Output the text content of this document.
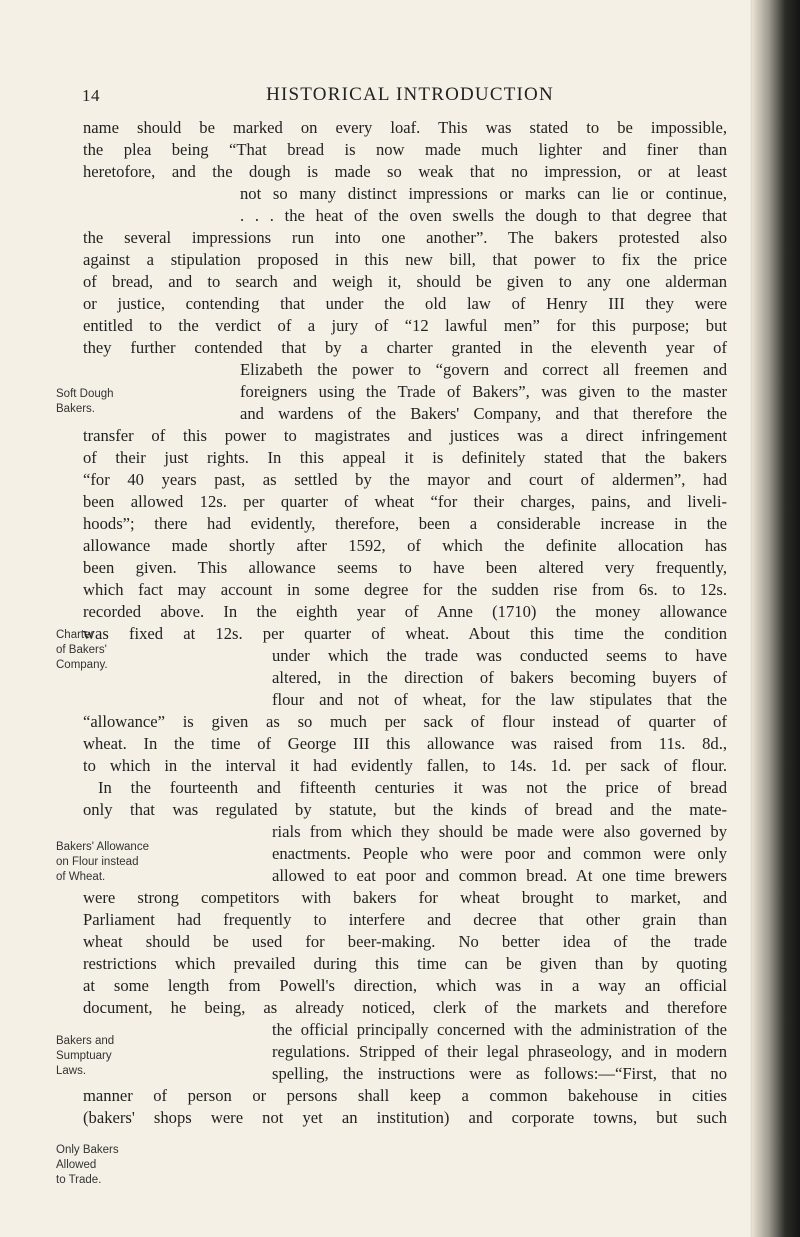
14	HISTORICAL INTRODUCTION
Soft Dough
Bakers.
Charter
of Bakers'
Company.
Bakers' Allowance
on Flour instead
of Wheat.
Bakers and
Sumptuary
Laws.
Only Bakers
Allowed
to Trade.
name should be marked on every loaf. This was stated to be impossible,
the plea being “That bread is now made much lighter and finer than
heretofore, and the dough is made so weak that no impression, or at least
not so many distinct impressions or marks can lie or continue,
. . . the heat of the oven swells the dough to that degree that
the several impressions run into one another”. The bakers protested also
against a stipulation proposed in this new bill, that power to fix the price
of bread, and to search and weigh it, should be given to any one alderman
or justice, contending that under the old law of Henry III they were
entitled to the verdict of a jury of “12 lawful men” for this purpose; but
they further contended that by a charter granted in the eleventh year of
Elizabeth the power to “govern and correct all freemen and
foreigners using the Trade of Bakers”, was given to the master
and wardens of the Bakers' Company, and that therefore the
transfer of this power to magistrates and justices was a direct infringement
of their just rights. In this appeal it is definitely stated that the bakers
“for 40 years past, as settled by the mayor and court of aldermen”, had
been allowed 12s. per quarter of wheat “for their charges, pains, and liveli-
hoods”; there had evidently, therefore, been a considerable increase in the
allowance made shortly after 1592, of which the definite allocation has
been given. This allowance seems to have been altered very frequently,
which fact may account in some degree for the sudden rise from 6s. to 12s.
recorded above. In the eighth year of Anne (1710) the money allowance
was fixed at 12s. per quarter of wheat. About this time the condition
under which the trade was conducted seems to have
altered, in the direction of bakers becoming buyers of
flour and not of wheat, for the law stipulates that the
“allowance” is given as so much per sack of flour instead of quarter of
wheat. In the time of George III this allowance was raised from 11s. 8d.,
to which in the interval it had evidently fallen, to 14s. 1d. per sack of flour.
In the fourteenth and fifteenth centuries it was not the price of bread
only that was regulated by statute, but the kinds of bread and the mate-
rials from which they should be made were also governed by
enactments. People who were poor and common were only
allowed to eat poor and common bread. At one time brewers
were strong competitors with bakers for wheat brought to market, and
Parliament had frequently to interfere and decree that other grain than
wheat should be used for beer-making. No better idea of the trade
restrictions which prevailed during this time can be given than by quoting
at some length from Powell's direction, which was in a way an official
document, he being, as already noticed, clerk of the markets and therefore
the official principally concerned with the administration of the
regulations. Stripped of their legal phraseology, and in modern
spelling, the instructions were as follows:—“First, that no
manner of person or persons shall keep a common bakehouse in cities
(bakers' shops were not yet an institution) and corporate towns, but such
